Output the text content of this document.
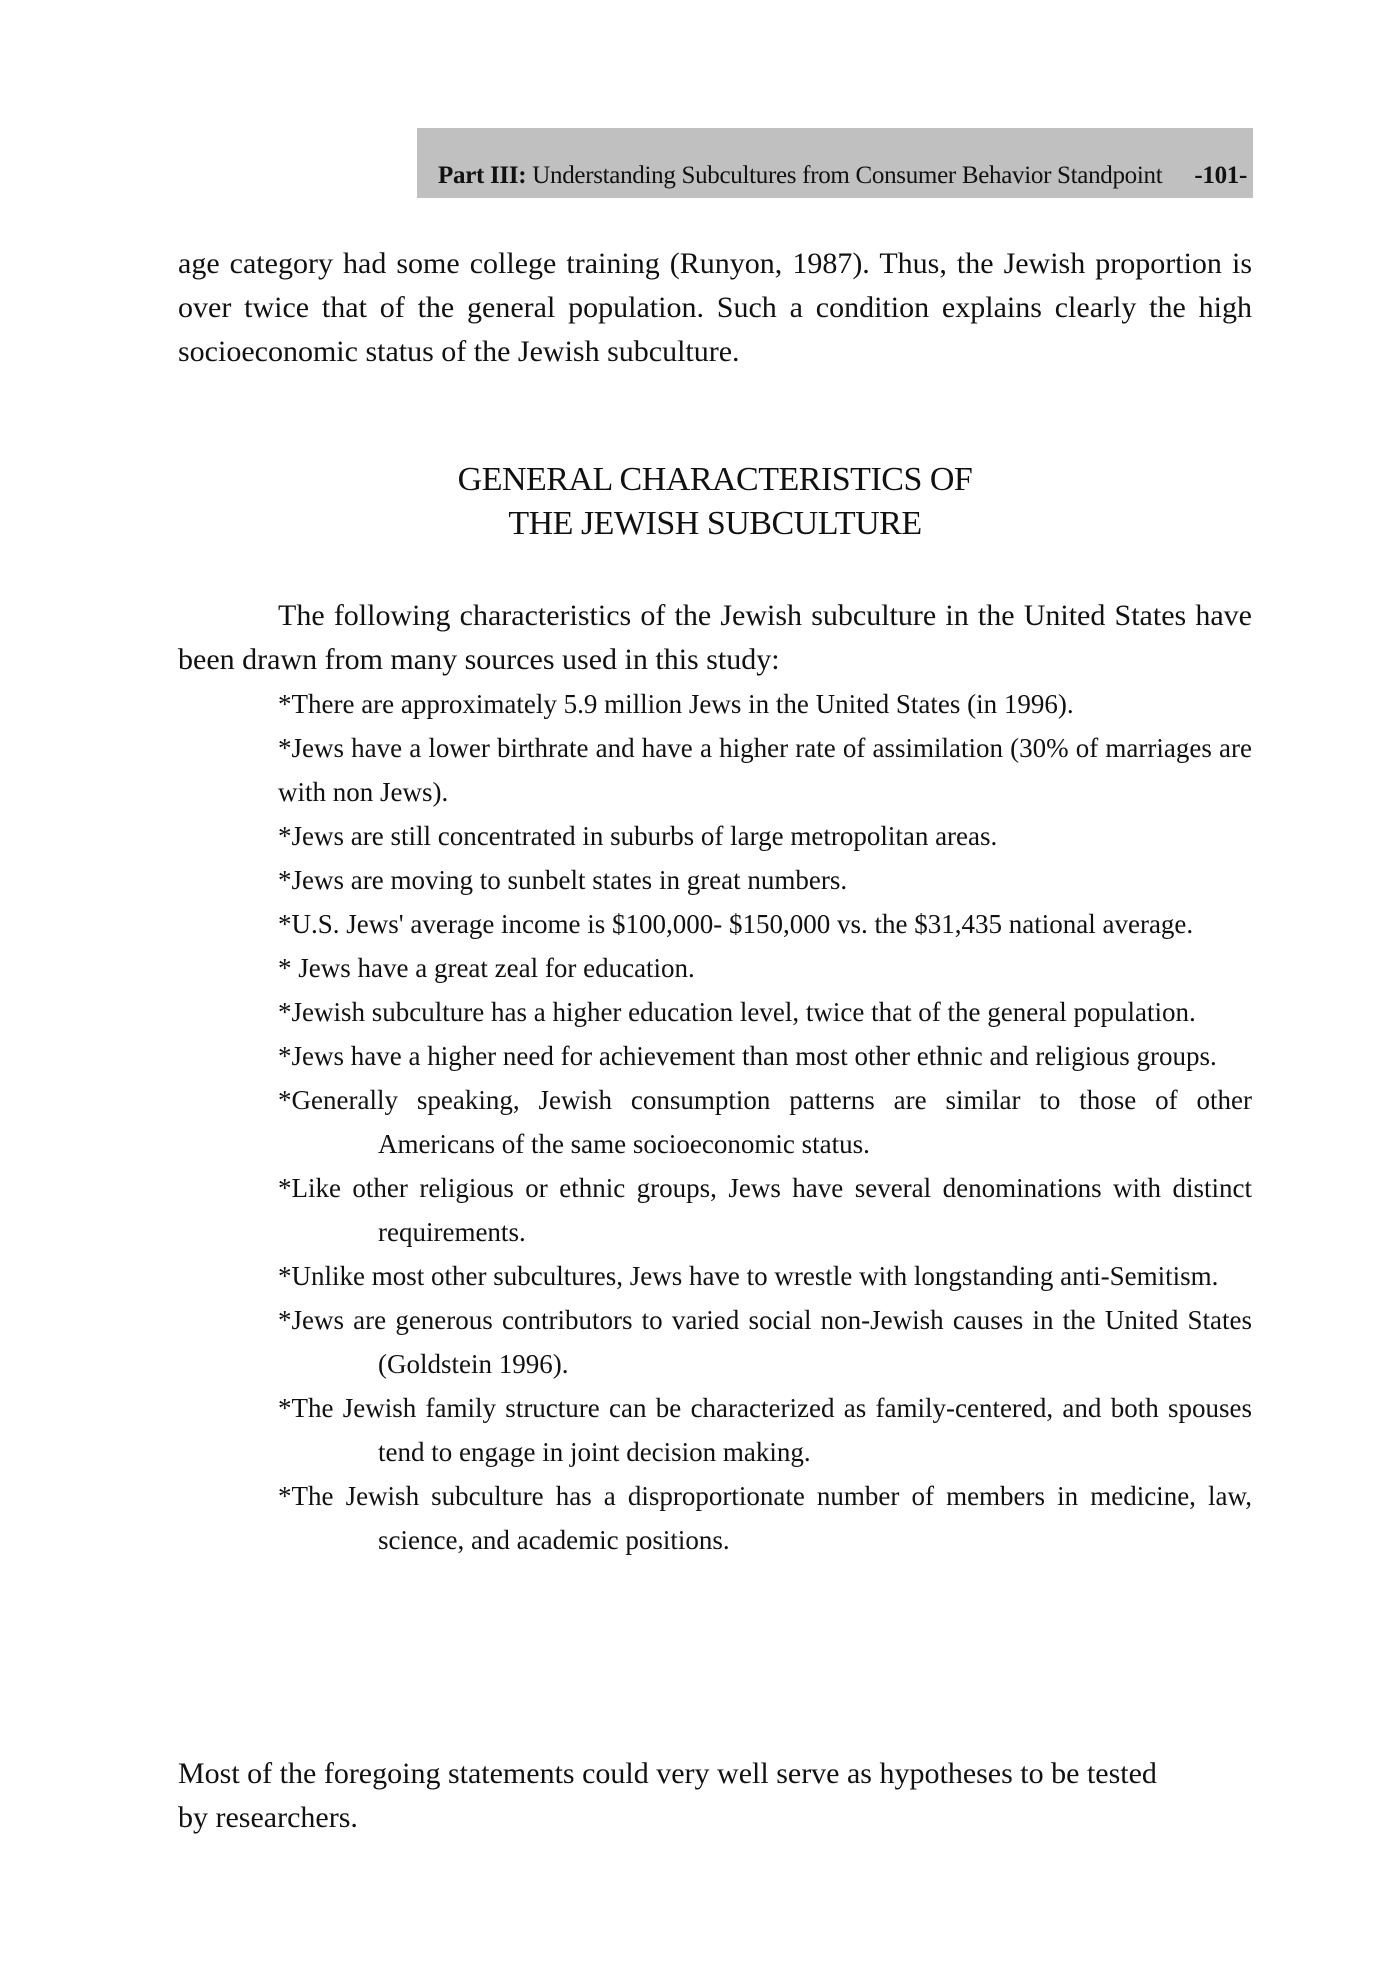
Part III: Understanding Subcultures from Consumer Behavior Standpoint -101-

age category had some college training (Runyon, 1987). Thus, the Jewish proportion is over twice that of the general population. Such a condition explains clearly the high socioeconomic status of the Jewish subculture.

GENERAL CHARACTERISTICS OF
THE JEWISH SUBCULTURE

The following characteristics of the Jewish subculture in the United States have been drawn from many sources used in this study:

*There are approximately 5.9 million Jews in the United States (in 1996).
*Jews have a lower birthrate and have a higher rate of assimilation (30% of marriages are with non Jews).
*Jews are still concentrated in suburbs of large metropolitan areas.
*Jews are moving to sunbelt states in great numbers.
*U.S. Jews' average income is $100,000- $150,000 vs. the $31,435 national average.
* Jews have a great zeal for education.
*Jewish subculture has a higher education level, twice that of the general population.
*Jews have a higher need for achievement than most other ethnic and religious groups.
*Generally speaking, Jewish consumption patterns are similar to those of other Americans of the same socioeconomic status.
*Like other religious or ethnic groups, Jews have several denominations with distinct requirements.
*Unlike most other subcultures, Jews have to wrestle with longstanding anti-Semitism.
*Jews are generous contributors to varied social non-Jewish causes in the United States (Goldstein 1996).
*The Jewish family structure can be characterized as family-centered, and both spouses tend to engage in joint decision making.
*The Jewish subculture has a disproportionate number of members in medicine, law, science, and academic positions.

Most of the foregoing statements could very well serve as hypotheses to be tested by researchers.
